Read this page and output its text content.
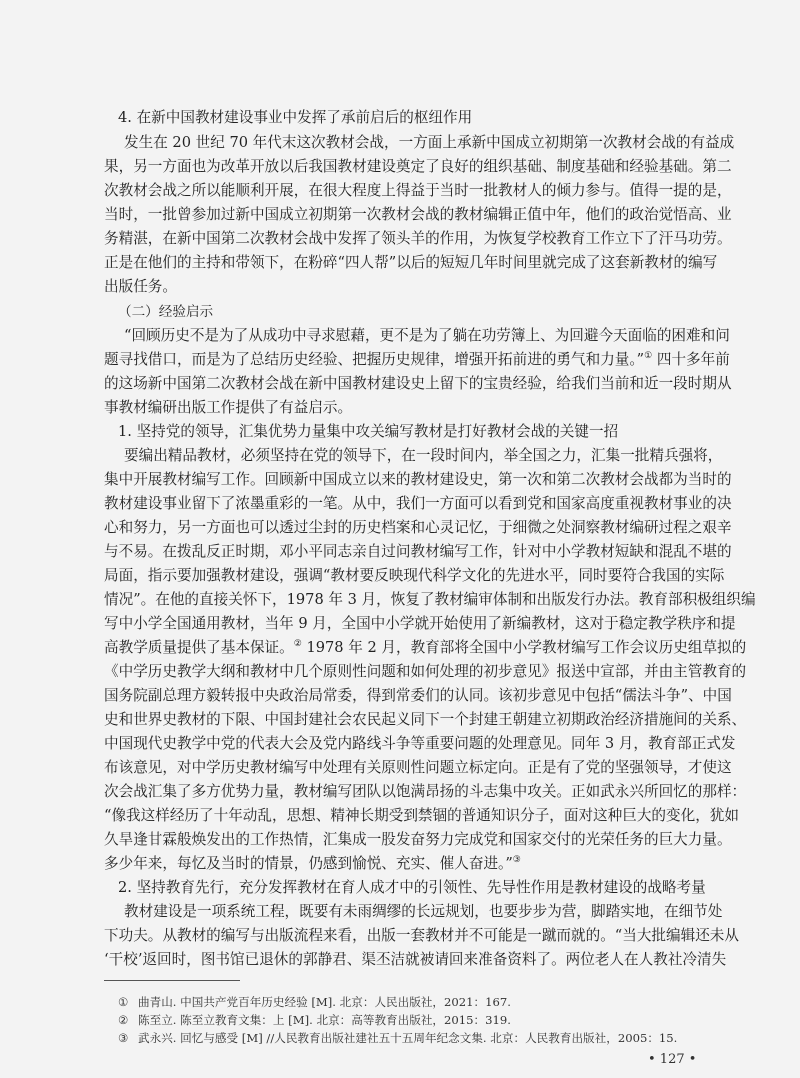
4. 在新中国教材建设事业中发挥了承前启后的枢纽作用
发生在 20 世纪 70 年代末这次教材会战，一方面上承新中国成立初期第一次教材会战的有益成
果，另一方面也为改革开放以后我国教材建设奠定了良好的组织基础、制度基础和经验基础。第二
次教材会战之所以能顺利开展，在很大程度上得益于当时一批教材人的倾力参与。值得一提的是，
当时，一批曾参加过新中国成立初期第一次教材会战的教材编辑正值中年，他们的政治觉悟高、业
务精湛，在新中国第二次教材会战中发挥了领头羊的作用，为恢复学校教育工作立下了汗马功劳。
正是在他们的主持和带领下，在粉碎“四人帮”以后的短短几年时间里就完成了这套新教材的编写
出版任务。
（二）经验启示
“回顾历史不是为了从成功中寻求慰藉，更不是为了躺在功劳簿上、为回避今天面临的困难和问
题寻找借口，而是为了总结历史经验、把握历史规律，增强开拓前进的勇气和力量。”① 四十多年前
的这场新中国第二次教材会战在新中国教材建设史上留下的宝贵经验，给我们当前和近一段时期从
事教材编研出版工作提供了有益启示。
1. 坚持党的领导，汇集优势力量集中攻关编写教材是打好教材会战的关键一招
要编出精品教材，必须坚持在党的领导下，在一段时间内，举全国之力，汇集一批精兵强将，
集中开展教材编写工作。回顾新中国成立以来的教材建设史，第一次和第二次教材会战都为当时的
教材建设事业留下了浓墨重彩的一笔。从中，我们一方面可以看到党和国家高度重视教材事业的决
心和努力，另一方面也可以透过尘封的历史档案和心灵记忆，于细微之处洞察教材编研过程之艰辛
与不易。在拨乱反正时期，邓小平同志亲自过问教材编写工作，针对中小学教材短缺和混乱不堪的
局面，指示要加强教材建设，强调“教材要反映现代科学文化的先进水平，同时要符合我国的实际
情况”。在他的直接关怀下，1978 年 3 月，恢复了教材编审体制和出版发行办法。教育部积极组织编
写中小学全国通用教材，当年 9 月，全国中小学就开始使用了新编教材，这对于稳定教学秩序和提
高教学质量提供了基本保证。② 1978 年 2 月，教育部将全国中小学教材编写工作会议历史组草拟的
《中学历史教学大纲和教材中几个原则性问题和如何处理的初步意见》报送中宣部，并由主管教育的
国务院副总理方毅转报中央政治局常委，得到常委们的认同。该初步意见中包括“儒法斗争”、中国
史和世界史教材的下限、中国封建社会农民起义同下一个封建王朝建立初期政治经济措施间的关系、
中国现代史教学中党的代表大会及党内路线斗争等重要问题的处理意见。同年 3 月，教育部正式发
布该意见，对中学历史教材编写中处理有关原则性问题立标定向。正是有了党的坚强领导，才使这
次会战汇集了多方优势力量，教材编写团队以饱满昂扬的斗志集中攻关。正如武永兴所回忆的那样：
“像我这样经历了十年动乱，思想、精神长期受到禁锢的普通知识分子，面对这种巨大的变化，犹如
久旱逢甘霖般焕发出的工作热情，汇集成一股发奋努力完成党和国家交付的光荣任务的巨大力量。
多少年来，每忆及当时的情景，仍感到愉悦、充实、催人奋进。”③
2. 坚持教育先行，充分发挥教材在育人成才中的引领性、先导性作用是教材建设的战略考量
教材建设是一项系统工程，既要有未雨绸缪的长远规划，也要步步为营，脚踏实地，在细节处
下功夫。从教材的编写与出版流程来看，出版一套教材并不可能是一蹴而就的。“当大批编辑还未从
‘干校’返回时，图书馆已退休的郭静君、渠丕洁就被请回来准备资料了。两位老人在人教社冷清失
① 曲青山. 中国共产党百年历史经验 [M]. 北京：人民出版社，2021：167.
② 陈至立. 陈至立教育文集：上 [M]. 北京：高等教育出版社，2015：319.
③ 武永兴. 回忆与感受 [M] //人民教育出版社建社五十五周年纪念文集. 北京：人民教育出版社，2005：15.
• 127 •
